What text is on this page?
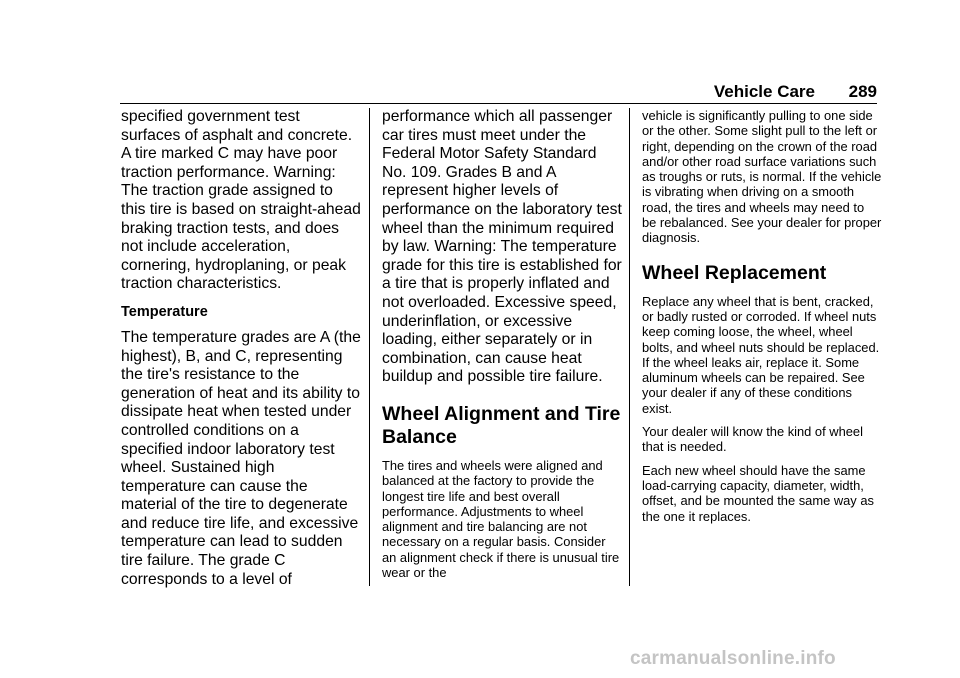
Vehicle Care 289

specified government test surfaces of asphalt and concrete. A tire marked C may have poor traction performance. Warning: The traction grade assigned to this tire is based on straight-ahead braking traction tests, and does not include acceleration, cornering, hydroplaning, or peak traction characteristics.

Temperature

The temperature grades are A (the highest), B, and C, representing the tire's resistance to the generation of heat and its ability to dissipate heat when tested under controlled conditions on a specified indoor laboratory test wheel. Sustained high temperature can cause the material of the tire to degenerate and reduce tire life, and excessive temperature can lead to sudden tire failure. The grade C corresponds to a level of

performance which all passenger car tires must meet under the Federal Motor Safety Standard No. 109. Grades B and A represent higher levels of performance on the laboratory test wheel than the minimum required by law. Warning: The temperature grade for this tire is established for a tire that is properly inflated and not overloaded. Excessive speed, underinflation, or excessive loading, either separately or in combination, can cause heat buildup and possible tire failure.

Wheel Alignment and Tire Balance

The tires and wheels were aligned and balanced at the factory to provide the longest tire life and best overall performance. Adjustments to wheel alignment and tire balancing are not necessary on a regular basis. Consider an alignment check if there is unusual tire wear or the

vehicle is significantly pulling to one side or the other. Some slight pull to the left or right, depending on the crown of the road and/or other road surface variations such as troughs or ruts, is normal. If the vehicle is vibrating when driving on a smooth road, the tires and wheels may need to be rebalanced. See your dealer for proper diagnosis.

Wheel Replacement

Replace any wheel that is bent, cracked, or badly rusted or corroded. If wheel nuts keep coming loose, the wheel, wheel bolts, and wheel nuts should be replaced. If the wheel leaks air, replace it. Some aluminum wheels can be repaired. See your dealer if any of these conditions exist.

Your dealer will know the kind of wheel that is needed.

Each new wheel should have the same load-carrying capacity, diameter, width, offset, and be mounted the same way as the one it replaces.

carmanualsonline.info
